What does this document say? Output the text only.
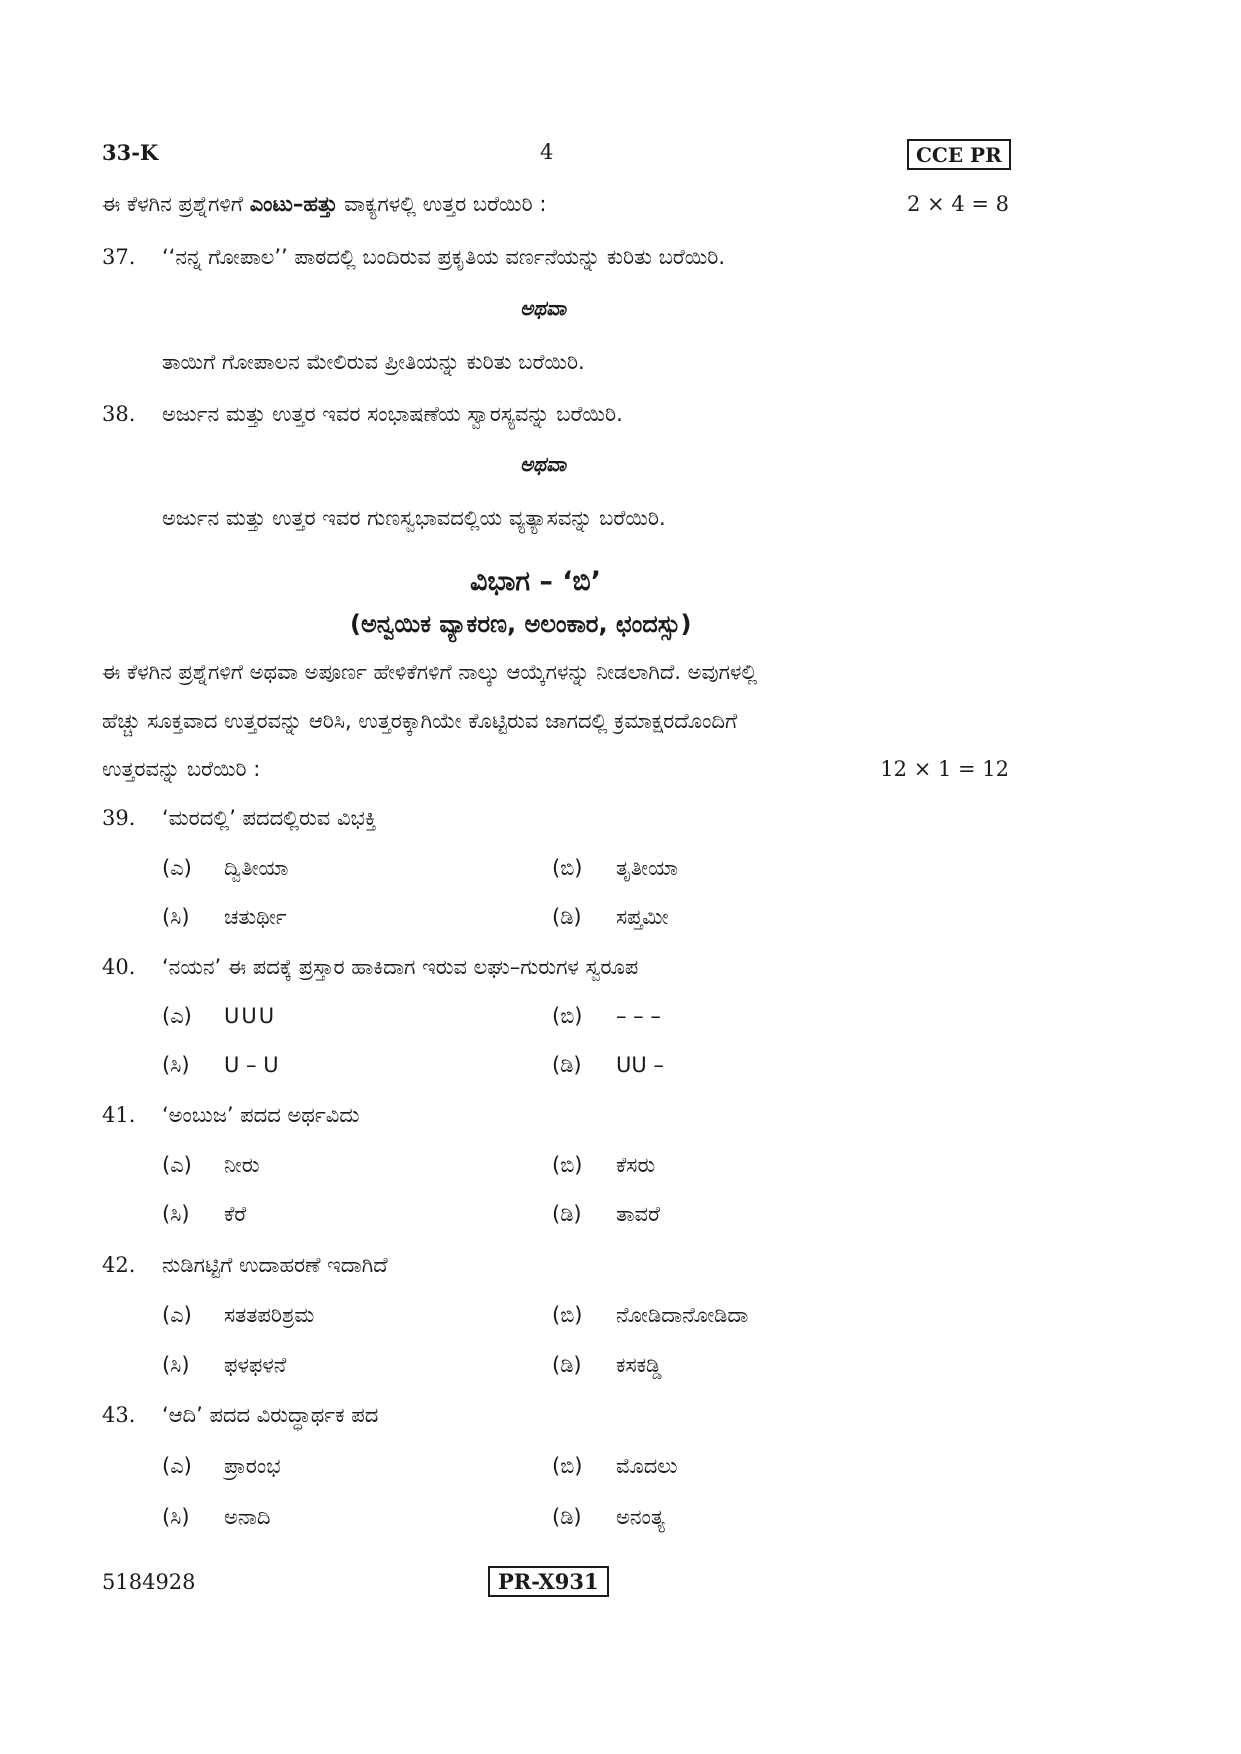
33-K	4	CCE PR
ಈ ಕೆಳಗಿನ ಪ್ರಶ್ನೆಗಳಿಗೆ ಎಂಟು–ಹತ್ತು ವಾಕ್ಯಗಳಲ್ಲಿ ಉತ್ತರ ಬರೆಯಿರಿ :	2 × 4 = 8
37. ‘‘ನನ್ನ ಗೋಪಾಲ’’ ಪಾಠದಲ್ಲಿ ಬಂದಿರುವ ಪ್ರಕೃತಿಯ ವರ್ಣನೆಯನ್ನು ಕುರಿತು ಬರೆಯಿರಿ.
ಅಥವಾ
ತಾಯಿಗೆ ಗೋಪಾಲನ ಮೇಲಿರುವ ಪ್ರೀತಿಯನ್ನು ಕುರಿತು ಬರೆಯಿರಿ.
38. ಅರ್ಜುನ ಮತ್ತು ಉತ್ತರ ಇವರ ಸಂಭಾಷಣೆಯ ಸ್ವಾರಸ್ಯವನ್ನು ಬರೆಯಿರಿ.
ಅಥವಾ
ಅರ್ಜುನ ಮತ್ತು ಉತ್ತರ ಇವರ ಗುಣಸ್ವಭಾವದಲ್ಲಿಯ ವ್ಯತ್ಯಾಸವನ್ನು ಬರೆಯಿರಿ.
ವಿಭಾಗ – ‘ಬಿ’
(ಅನ್ವಯಿಕ ವ್ಯಾಕರಣ, ಅಲಂಕಾರ, ಛಂದಸ್ಸು)
ಈ ಕೆಳಗಿನ ಪ್ರಶ್ನೆಗಳಿಗೆ ಅಥವಾ ಅಪೂರ್ಣ ಹೇಳಿಕೆಗಳಿಗೆ ನಾಲ್ಕು ಆಯ್ಕೆಗಳನ್ನು ನೀಡಲಾಗಿದೆ. ಅವುಗಳಲ್ಲಿ
ಹೆಚ್ಚು ಸೂಕ್ತವಾದ ಉತ್ತರವನ್ನು ಆರಿಸಿ, ಉತ್ತರಕ್ಕಾಗಿಯೇ ಕೊಟ್ಟಿರುವ ಜಾಗದಲ್ಲಿ ಕ್ರಮಾಕ್ಷರದೊಂದಿಗೆ
ಉತ್ತರವನ್ನು ಬರೆಯಿರಿ :	12 × 1 = 12
39. ‘ಮರದಲ್ಲಿ’ ಪದದಲ್ಲಿರುವ ವಿಭಕ್ತಿ
(ಎ) ದ್ವಿತೀಯಾ	(ಬಿ) ತೃತೀಯಾ
(ಸಿ) ಚತುರ್ಥೀ	(ಡಿ) ಸಪ್ತಮೀ
40. ‘ನಯನ’ ಈ ಪದಕ್ಕೆ ಪ್ರಸ್ತಾರ ಹಾಕಿದಾಗ ಇರುವ ಲಘು–ಗುರುಗಳ ಸ್ವರೂಪ
(ಎ) UUU	(ಬಿ) – – –
(ಸಿ) U – U	(ಡಿ) UU –
41. ‘ಅಂಬುಜ’ ಪದದ ಅರ್ಥವಿದು
(ಎ) ನೀರು	(ಬಿ) ಕೆಸರು
(ಸಿ) ಕೆರೆ	(ಡಿ) ತಾವರೆ
42. ನುಡಿಗಟ್ಟಿಗೆ ಉದಾಹರಣೆ ಇದಾಗಿದೆ
(ಎ) ಸತತಪರಿಶ್ರಮ	(ಬಿ) ನೋಡಿದಾನೋಡಿದಾ
(ಸಿ) ಫಳಫಳನೆ	(ಡಿ) ಕಸಕಡ್ಡಿ
43. ‘ಆದಿ’ ಪದದ ವಿರುದ್ಧಾರ್ಥಕ ಪದ
(ಎ) ಪ್ರಾರಂಭ	(ಬಿ) ಮೊದಲು
(ಸಿ) ಅನಾದಿ	(ಡಿ) ಅನಂತ್ಯ
5184928	PR-X931
